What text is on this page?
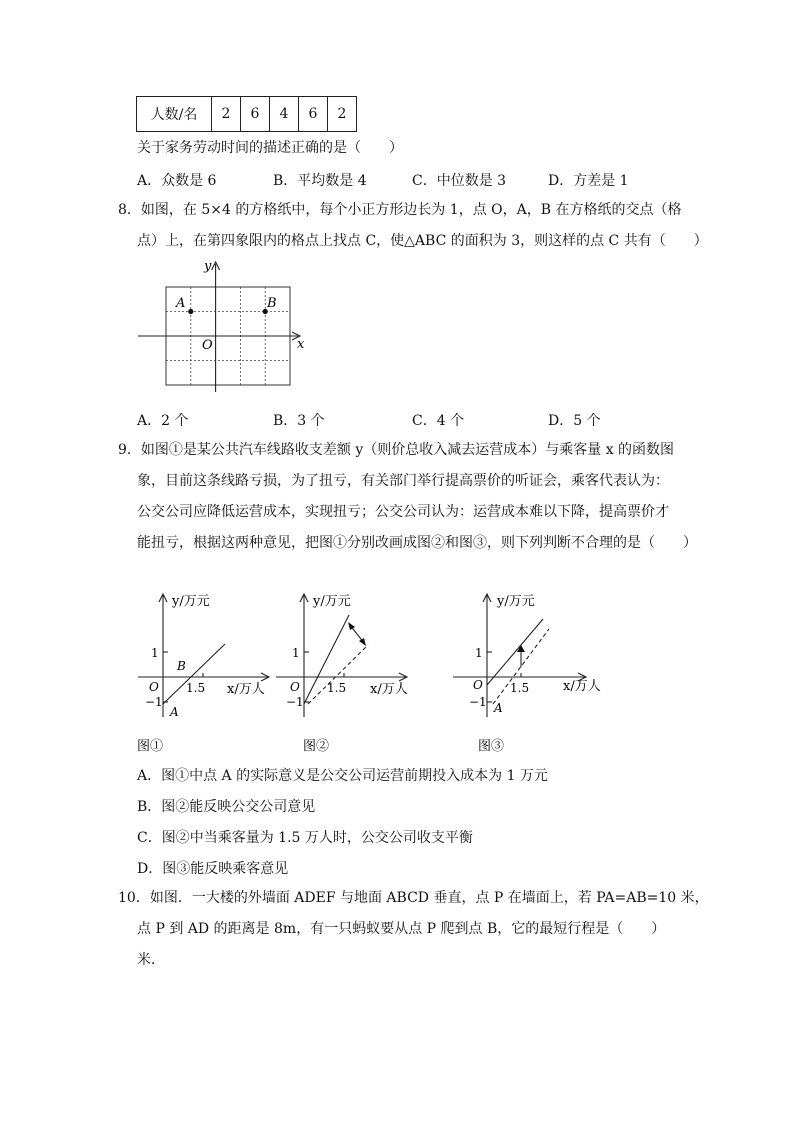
人数/名	2	6	4	6	2
关于家务劳动时间的描述正确的是（　　）
A．众数是 6	B．平均数是 4	C．中位数是 3	D．方差是 1
8．如图，在 5×4 的方格纸中，每个小正方形边长为 1，点 O，A，B 在方格纸的交点（格
点）上，在第四象限内的格点上找点 C，使△ABC 的面积为 3，则这样的点 C 共有（　　）
y
x
A	B
O
A．2 个	B．3 个	C．4 个	D．5 个
9．如图①是某公共汽车线路收支差额 y（则价总收入减去运营成本）与乘客量 x 的函数图
象，目前这条线路亏损，为了扭亏，有关部门举行提高票价的听证会，乘客代表认为：
公交公司应降低运营成本，实现扭亏；公交公司认为：运营成本难以下降，提高票价才
能扭亏，根据这两种意见，把图①分别改画成图②和图③，则下列判断不合理的是（　　）
y/万元
x/万人
1
−1
O 1.5
A
B
图①
y/万元
x/万人
1
−1
O 1.5
图②
y/万元
x/万人
1
−1
O 1.5
A
图③
A．图①中点 A 的实际意义是公交公司运营前期投入成本为 1 万元
B．图②能反映公交公司意见
C．图②中当乘客量为 1.5 万人时，公交公司收支平衡
D．图③能反映乘客意见
10．如图．一大楼的外墙面 ADEF 与地面 ABCD 垂直，点 P 在墙面上，若 PA=AB=10 米，
点 P 到 AD 的距离是 8m，有一只蚂蚁要从点 P 爬到点 B，它的最短行程是（　　）
米．
